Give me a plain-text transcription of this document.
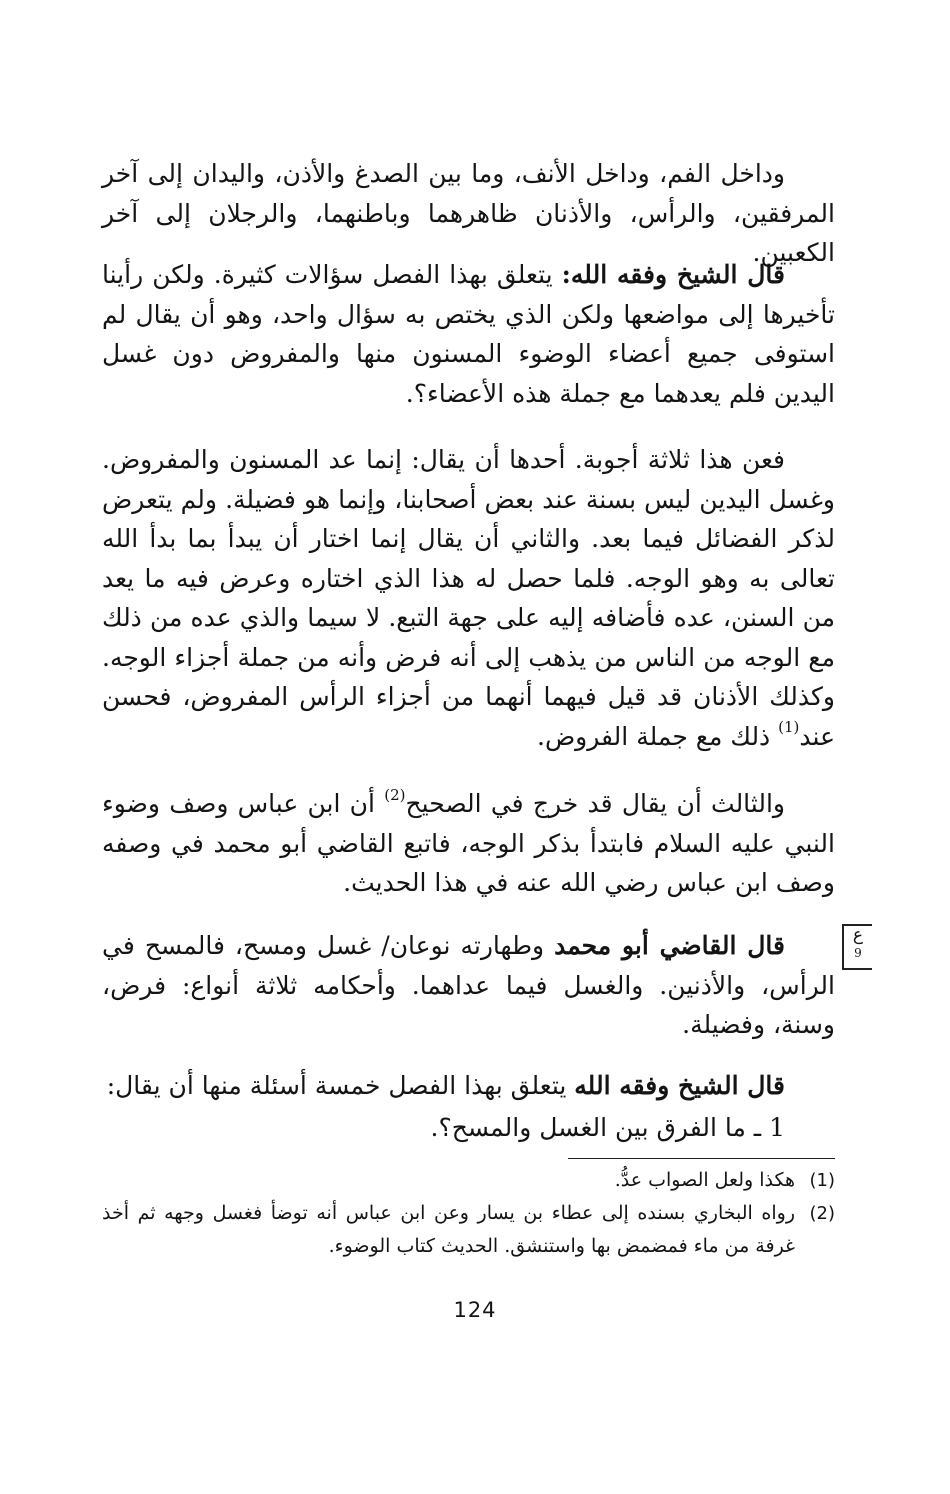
وداخل الفم، وداخل الأنف، وما بين الصدغ والأذن، واليدان إلى آخر المرفقين، والرأس، والأذنان ظاهرهما وباطنهما، والرجلان إلى آخر الكعبين.

قال الشيخ وفقه الله: يتعلق بهذا الفصل سؤالات كثيرة. ولكن رأينا تأخيرها إلى مواضعها ولكن الذي يختص به سؤال واحد، وهو أن يقال لم استوفى جميع أعضاء الوضوء المسنون منها والمفروض دون غسل اليدين فلم يعدهما مع جملة هذه الأعضاء؟.

فعن هذا ثلاثة أجوبة. أحدها أن يقال: إنما عد المسنون والمفروض. وغسل اليدين ليس بسنة عند بعض أصحابنا، وإنما هو فضيلة. ولم يتعرض لذكر الفضائل فيما بعد. والثاني أن يقال إنما اختار أن يبدأ بما بدأ الله تعالى به وهو الوجه. فلما حصل له هذا الذي اختاره وعرض فيه ما يعد من السنن، عده فأضافه إليه على جهة التبع. لا سيما والذي عده من ذلك مع الوجه من الناس من يذهب إلى أنه فرض وأنه من جملة أجزاء الوجه. وكذلك الأذنان قد قيل فيهما أنهما من أجزاء الرأس المفروض، فحسن عند$^{(1)}$ ذلك مع جملة الفروض.

والثالث أن يقال قد خرج في الصحيح$^{(2)}$ أن ابن عباس وصف وضوء النبي عليه السلام فابتدأ بذكر الوجه، فاتبع القاضي أبو محمد في وصفه وصف ابن عباس رضي الله عنه في هذا الحديث.

قال القاضي أبو محمد وطهارته نوعان/ غسل ومسح، فالمسح في الرأس، والأذنين. والغسل فيما عداهما. وأحكامه ثلاثة أنواع: فرض، وسنة، وفضيلة.

ع
9

قال الشيخ وفقه الله يتعلق بهذا الفصل خمسة أسئلة منها أن يقال:

1 ـ ما الفرق بين الغسل والمسح؟.

(1)
هكذا ولعل الصواب عدُّ.

(2)
رواه البخاري بسنده إلى عطاء بن يسار وعن ابن عباس أنه توضأ فغسل وجهه ثم أخذ غرفة من ماء فمضمض بها واستنشق. الحديث كتاب الوضوء.

124
